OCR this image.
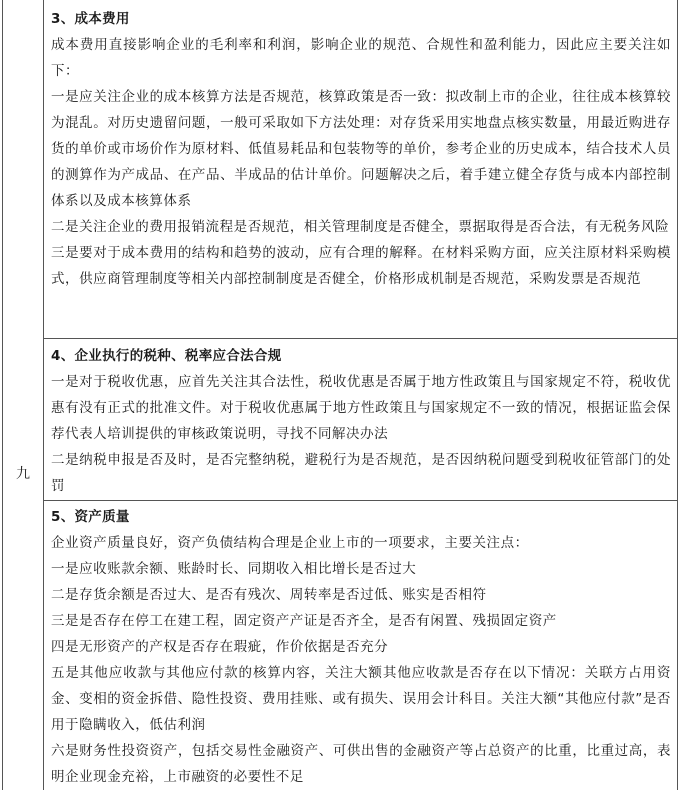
九
3、成本费用

成本费用直接影响企业的毛利率和利润，影响企业的规范、合规性和盈利能力，因此应主要关注如下：

一是应关注企业的成本核算方法是否规范，核算政策是否一致：拟改制上市的企业，往往成本核算较为混乱。对历史遗留问题，一般可采取如下方法处理：对存货采用实地盘点核实数量，用最近购进存货的单价或市场价作为原材料、低值易耗品和包装物等的单价，参考企业的历史成本，结合技术人员的测算作为产成品、在产品、半成品的估计单价。问题解决之后，着手建立健全存货与成本内部控制体系以及成本核算体系

二是关注企业的费用报销流程是否规范，相关管理制度是否健全，票据取得是否合法，有无税务风险

三是要对于成本费用的结构和趋势的波动，应有合理的解释。在材料采购方面，应关注原材料采购模式，供应商管理制度等相关内部控制制度是否健全，价格形成机制是否规范，采购发票是否规范

4、企业执行的税种、税率应合法合规

一是对于税收优惠，应首先关注其合法性，税收优惠是否属于地方性政策且与国家规定不符，税收优惠有没有正式的批准文件。对于税收优惠属于地方性政策且与国家规定不一致的情况，根据证监会保荐代表人培训提供的审核政策说明，寻找不同解决办法

二是纳税申报是否及时，是否完整纳税，避税行为是否规范，是否因纳税问题受到税收征管部门的处罚

5、资产质量

企业资产质量良好，资产负债结构合理是企业上市的一项要求，主要关注点：

一是应收账款余额、账龄时长、同期收入相比增长是否过大

二是存货余额是否过大、是否有残次、周转率是否过低、账实是否相符

三是是否存在停工在建工程，固定资产产证是否齐全，是否有闲置、残损固定资产

四是无形资产的产权是否存在瑕疵，作价依据是否充分

五是其他应收款与其他应付款的核算内容，关注大额其他应收款是否存在以下情况：关联方占用资金、变相的资金拆借、隐性投资、费用挂账、或有损失、误用会计科目。关注大额“其他应付款”是否用于隐瞒收入，低估利润

六是财务性投资资产，包括交易性金融资产、可供出售的金融资产等占总资产的比重，比重过高，表明企业现金充裕，上市融资的必要性不足
